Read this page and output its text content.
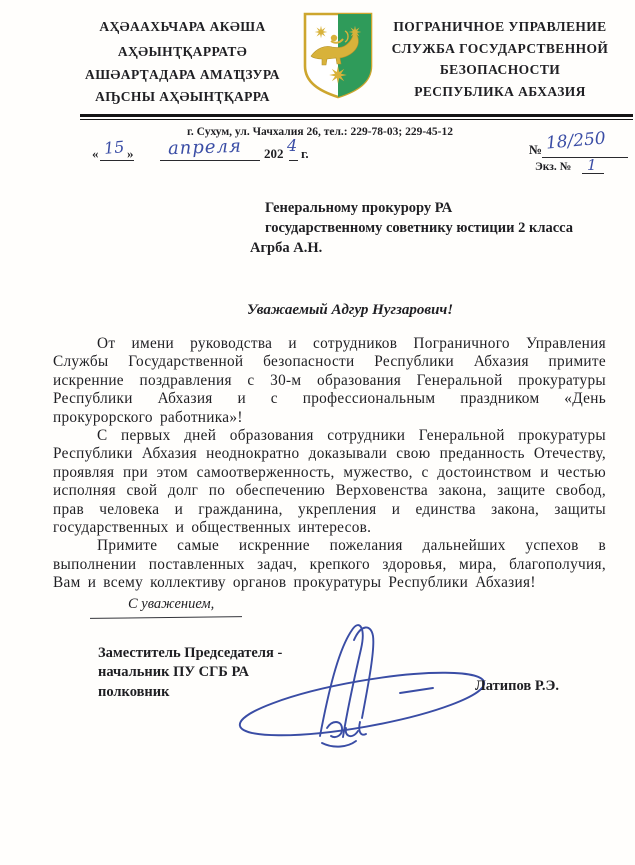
АҲӘААХЬЧАРА АКӘША
АҲӘЫНҬҚАРРАТӘ
АШӘАРҬАДАРА АМАҴЗУРА
АҦСНЫ АҲӘЫНҬҚАРРА
ПОГРАНИЧНОЕ УПРАВЛЕНИЕ
СЛУЖБА ГОСУДАРСТВЕННОЙ
БЕЗОПАСНОСТИ
РЕСПУБЛИКА АБХАЗИЯ
г. Сухум, ул. Чачхалия 26, тел.: 229-78-03; 229-45-12
« 15 » апреля 202 4 г.	№ 18/250
Экз. № 1
Генеральному прокурору РА
государственному советнику юстиции 2 класса
Агрба А.Н.
Уважаемый Адгур Нугзарович!

От имени руководства и сотрудников Пограничного Управления Службы Государственной безопасности Республики Абхазия примите искренние поздравления с 30-м образования Генеральной прокуратуры Республики Абхазия и с профессиональным праздником «День прокурорского работника»!

С первых дней образования сотрудники Генеральной прокуратуры Республики Абхазия неоднократно доказывали свою преданность Отечеству, проявляя при этом самоотверженность, мужество, с достоинством и честью исполняя свой долг по обеспечению Верховенства закона, защите свобод, прав человека и гражданина, укрепления и единства закона, защиты государственных и общественных интересов.

Примите самые искренние пожелания дальнейших успехов в выполнении поставленных задач, крепкого здоровья, мира, благополучия, Вам и всему коллективу органов прокуратуры Республики Абхазия!

С уважением,
Заместитель Председателя -
начальник ПУ СГБ РА
полковник	Латипов Р.Э.
